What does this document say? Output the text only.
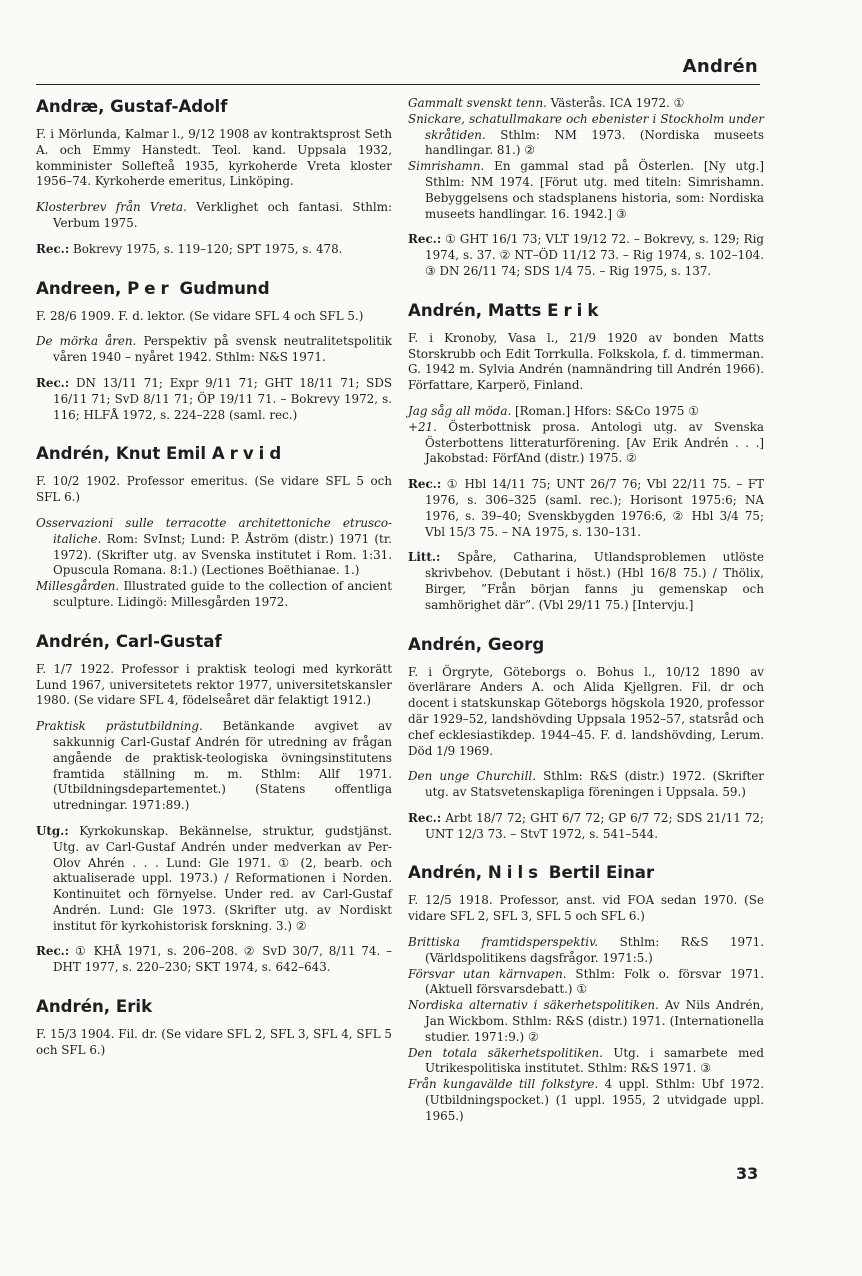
Andrén
Andræ, Gustaf-Adolf

F. i Mörlunda, Kalmar l., 9/12 1908 av kontraktsprost Seth A. och Emmy Hanstedt. Teol. kand. Uppsala 1932, komminister Sollefteå 1935, kyrkoherde Vreta kloster 1956–74. Kyrkoherde emeritus, Linköping.

Klosterbrev från Vreta. Verklighet och fantasi. Sthlm: Verbum 1975.

Rec.: Bokrevy 1975, s. 119–120; SPT 1975, s. 478.

Andreen, Per Gudmund

F. 28/6 1909. F. d. lektor. (Se vidare SFL 4 och SFL 5.)

De mörka åren. Perspektiv på svensk neutralitetspolitik våren 1940 – nyåret 1942. Sthlm: N&S 1971.

Rec.: DN 13/11 71; Expr 9/11 71; GHT 18/11 71; SDS 16/11 71; SvD 8/11 71; ÖP 19/11 71. – Bokrevy 1972, s. 116; HLFÅ 1972, s. 224–228 (saml. rec.)

Andrén, Knut Emil Arvid

F. 10/2 1902. Professor emeritus. (Se vidare SFL 5 och SFL 6.)

Osservazioni sulle terracotte architettoniche etrusco-italiche. Rom: SvInst; Lund: P. Åström (distr.) 1971 (tr. 1972). (Skrifter utg. av Svenska institutet i Rom. 1:31. Opuscula Romana. 8:1.) (Lectiones Boëthianae. 1.)

Millesgården. Illustrated guide to the collection of ancient sculpture. Lidingö: Millesgården 1972.

Andrén, Carl-Gustaf

F. 1/7 1922. Professor i praktisk teologi med kyrkorätt Lund 1967, universitetets rektor 1977, universitetskansler 1980. (Se vidare SFL 4, födelseåret där felaktigt 1912.)

Praktisk prästutbildning. Betänkande avgivet av sakkunnig Carl-Gustaf Andrén för utredning av frågan angående de praktisk-teologiska övningsinstitutens framtida ställning m. m. Sthlm: Allf 1971. (Utbildningsdepartementet.) (Statens offentliga utredningar. 1971:89.)

Utg.: Kyrkokunskap. Bekännelse, struktur, gudstjänst. Utg. av Carl-Gustaf Andrén under medverkan av Per-Olov Ahrén . . . Lund: Gle 1971. ① (2, bearb. och aktualiserade uppl. 1973.) / Reformationen i Norden. Kontinuitet och förnyelse. Under red. av Carl-Gustaf Andrén. Lund: Gle 1973. (Skrifter utg. av Nordiskt institut för kyrkohistorisk forskning. 3.) ②

Rec.: ① KHÅ 1971, s. 206–208. ② SvD 30/7, 8/11 74. – DHT 1977, s. 220–230; SKT 1974, s. 642–643.

Andrén, Erik

F. 15/3 1904. Fil. dr. (Se vidare SFL 2, SFL 3, SFL 4, SFL 5 och SFL 6.)

Gammalt svenskt tenn. Västerås. ICA 1972. ①

Snickare, schatullmakare och ebenister i Stockholm under skråtiden. Sthlm: NM 1973. (Nordiska museets handlingar. 81.) ②

Simrishamn. En gammal stad på Österlen. [Ny utg.] Sthlm: NM 1974. [Förut utg. med titeln: Simrishamn. Bebyggelsens och stadsplanens historia, som: Nordiska museets handlingar. 16. 1942.] ③

Rec.: ① GHT 16/1 73; VLT 19/12 72. – Bokrevy, s. 129; Rig 1974, s. 37. ② NT–ÖD 11/12 73. – Rig 1974, s. 102–104. ③ DN 26/11 74; SDS 1/4 75. – Rig 1975, s. 137.

Andrén, Matts Erik

F. i Kronoby, Vasa l., 21/9 1920 av bonden Matts Storskrubb och Edit Torrkulla. Folkskola, f. d. timmerman. G. 1942 m. Sylvia Andrén (namnändring till Andrén 1966). Författare, Karperö, Finland.

Jag såg all möda. [Roman.] Hfors: S&Co 1975 ①

+21. Österbottnisk prosa. Antologi utg. av Svenska Österbottens litteraturförening. [Av Erik Andrén . . .] Jakobstad: FörfAnd (distr.) 1975. ②

Rec.: ① Hbl 14/11 75; UNT 26/7 76; Vbl 22/11 75. – FT 1976, s. 306–325 (saml. rec.); Horisont 1975:6; NA 1976, s. 39–40; Svenskbygden 1976:6, ② Hbl 3/4 75; Vbl 15/3 75. – NA 1975, s. 130–131.

Litt.: Spåre, Catharina, Utlandsproblemen utlöste skrivbehov. (Debutant i höst.) (Hbl 16/8 75.) / Thölix, Birger, ”Från början fanns ju gemenskap och samhörighet där”. (Vbl 29/11 75.) [Intervju.]

Andrén, Georg

F. i Örgryte, Göteborgs o. Bohus l., 10/12 1890 av överlärare Anders A. och Alida Kjellgren. Fil. dr och docent i statskunskap Göteborgs högskola 1920, professor där 1929–52, landshövding Uppsala 1952–57, statsråd och chef ecklesiastikdep. 1944–45. F. d. landshövding, Lerum. Död 1/9 1969.

Den unge Churchill. Sthlm: R&S (distr.) 1972. (Skrifter utg. av Statsvetenskapliga föreningen i Uppsala. 59.)

Rec.: Arbt 18/7 72; GHT 6/7 72; GP 6/7 72; SDS 21/11 72; UNT 12/3 73. – StvT 1972, s. 541–544.

Andrén, Nils Bertil Einar

F. 12/5 1918. Professor, anst. vid FOA sedan 1970. (Se vidare SFL 2, SFL 3, SFL 5 och SFL 6.)

Brittiska framtidsperspektiv. Sthlm: R&S 1971. (Världspolitikens dagsfrågor. 1971:5.)

Försvar utan kärnvapen. Sthlm: Folk o. försvar 1971. (Aktuell försvarsdebatt.) ①

Nordiska alternativ i säkerhetspolitiken. Av Nils Andrén, Jan Wickbom. Sthlm: R&S (distr.) 1971. (Internationella studier. 1971:9.) ②

Den totala säkerhetspolitiken. Utg. i samarbete med Utrikespolitiska institutet. Sthlm: R&S 1971. ③

Från kungavälde till folkstyre. 4 uppl. Sthlm: Ubf 1972. (Utbildningspocket.) (1 uppl. 1955, 2 utvidgade uppl. 1965.)

33
